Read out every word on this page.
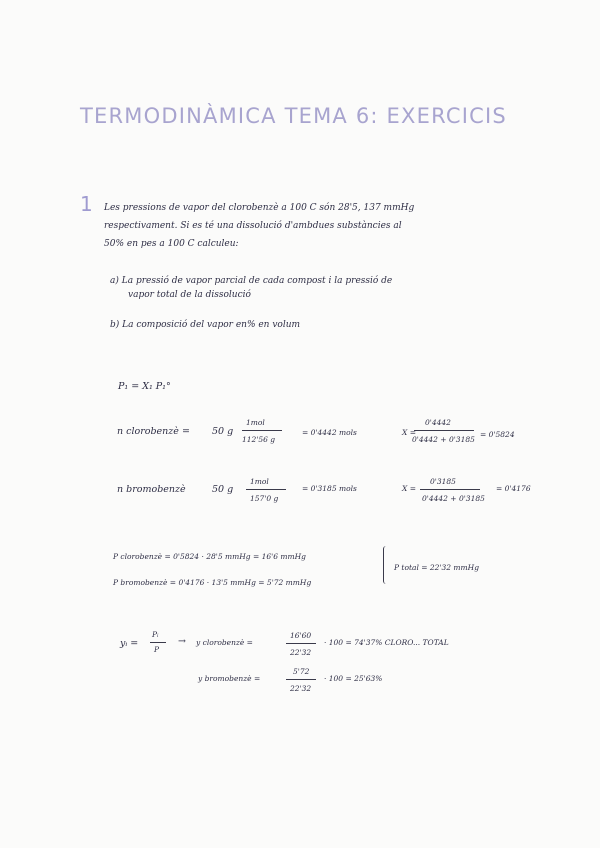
TERMODINÀMICA TEMA 6: EXERCICIS
1 Les pressions de vapor del clorobenzè a 100 C són 28'5, 137 mmHg
respectivament. Si es té una dissolució d'ambdues substàncies al
50% en pes a 100 C calculeu:
a) La pressió de vapor parcial de cada compost i la pressió de
vapor total de la dissolució
b) La composició del vapor en% en volum
P₁ = X₁ P₁°
n clorobenzè = 50 g
1mol
112'56 g
= 0'4442 mols	X =
0'4442
0'4442 + 0'3185
= 0'5824
n bromobenzè	50 g
1mol
157'0 g
= 0'3185 mols	X =
0'3185
0'4442 + 0'3185
= 0'4176
P clorobenzè = 0'5824 · 28'5 mmHg = 16'6 mmHg
P bromobenzè = 0'4176 · 13'5 mmHg = 5'72 mmHg
P total = 22'32 mmHg
yᵢ =
Pᵢ
P
→ y clorobenzè =
16'60
22'32
· 100 = 74'37% CLORO... TOTAL
y bromobenzè =
5'72
22'32
· 100 = 25'63%
